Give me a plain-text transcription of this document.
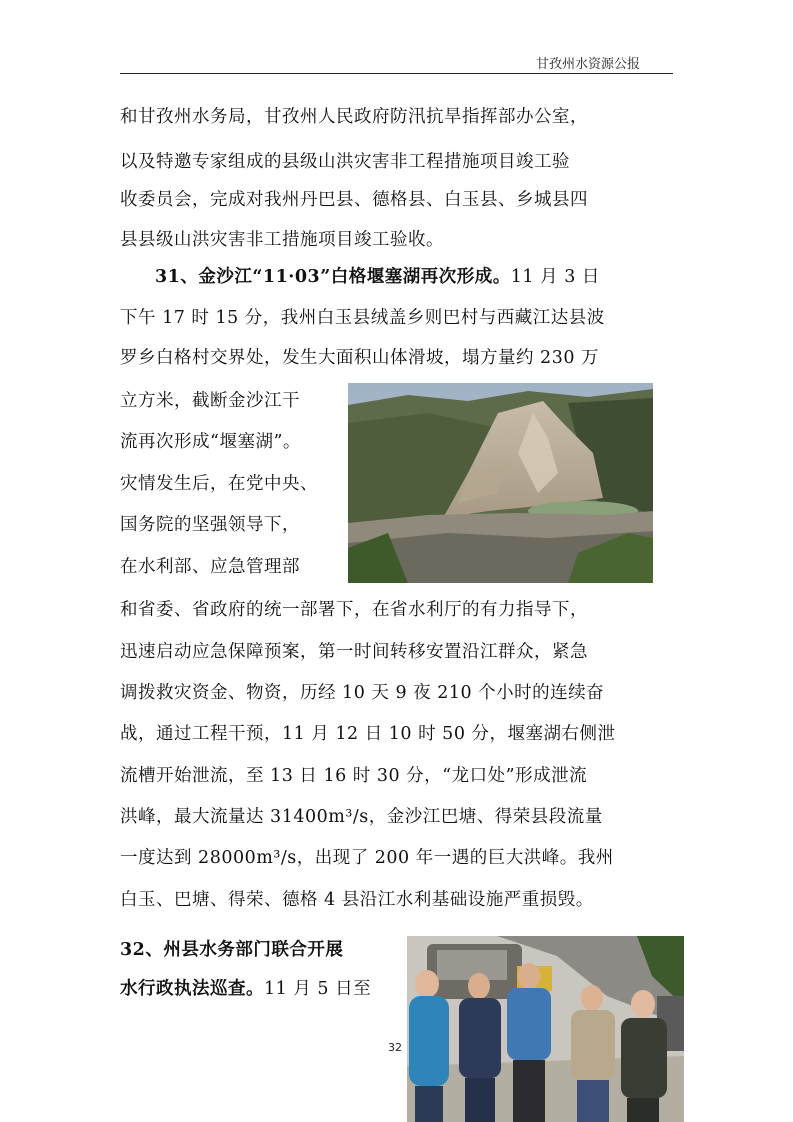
甘孜州水资源公报
和甘孜州水务局，甘孜州人民政府防汛抗旱指挥部办公室，
以及特邀专家组成的县级山洪灾害非工程措施项目竣工验
收委员会，完成对我州丹巴县、德格县、白玉县、乡城县四
县县级山洪灾害非工措施项目竣工验收。
31、金沙江“11·03”白格堰塞湖再次形成。11 月 3 日
下午 17 时 15 分，我州白玉县绒盖乡则巴村与西藏江达县波
罗乡白格村交界处，发生大面积山体滑坡，塌方量约 230 万
立方米，截断金沙江干
流再次形成“堰塞湖”。
灾情发生后，在党中央、
国务院的坚强领导下，
在水利部、应急管理部
和省委、省政府的统一部署下，在省水利厅的有力指导下，
迅速启动应急保障预案，第一时间转移安置沿江群众，紧急
调拨救灾资金、物资，历经 10 天 9 夜 210 个小时的连续奋
战，通过工程干预，11 月 12 日 10 时 50 分，堰塞湖右侧泄
流槽开始泄流，至 13 日 16 时 30 分，“龙口处”形成泄流
洪峰，最大流量达 31400m³/s，金沙江巴塘、得荣县段流量
一度达到 28000m³/s，出现了 200 年一遇的巨大洪峰。我州
白玉、巴塘、得荣、德格 4 县沿江水利基础设施严重损毁。
32、州县水务部门联合开展
水行政执法巡查。11 月 5 日至
32
